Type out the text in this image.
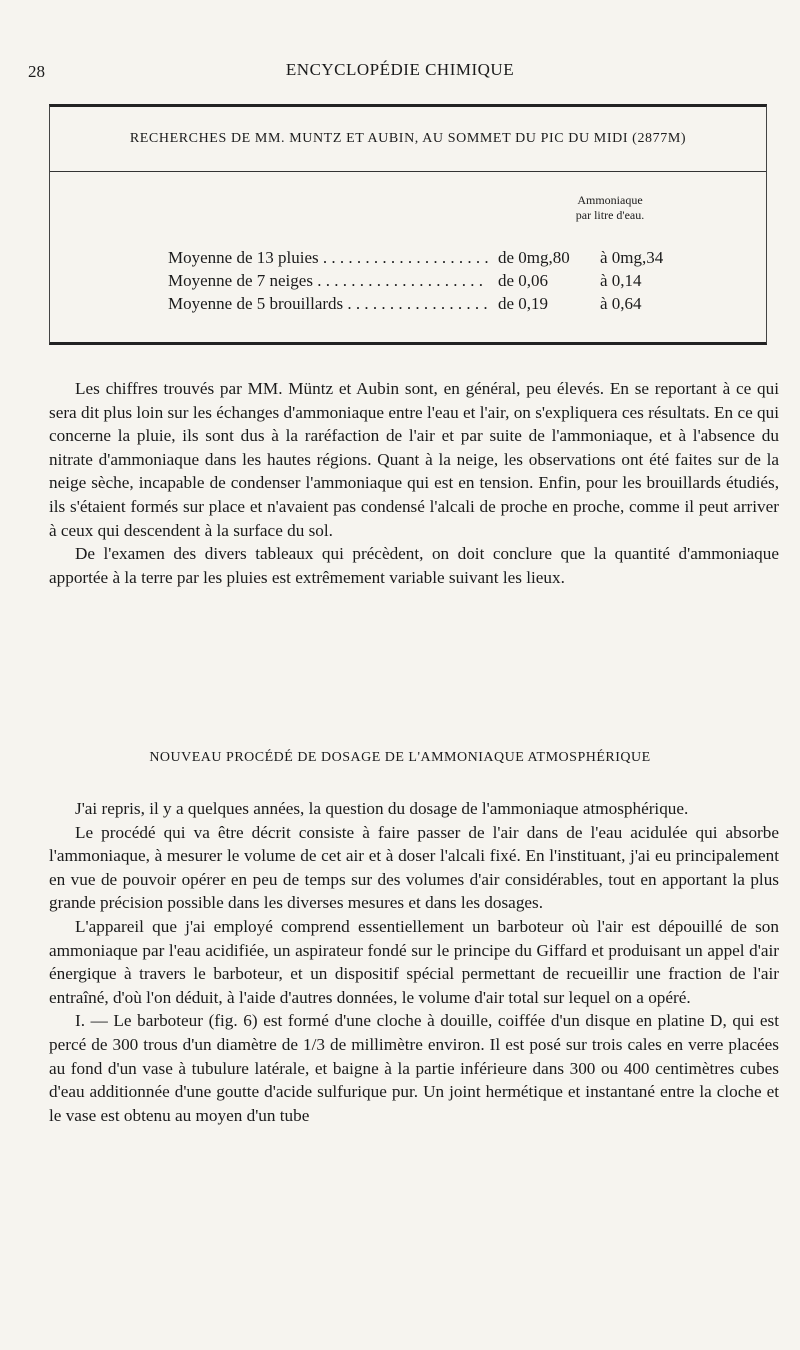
28	ENCYCLOPÉDIE CHIMIQUE
RECHERCHES DE MM. MUNTZ ET AUBIN, AU SOMMET DU PIC DU MIDI (2877M)
Ammoniaque
par litre d'eau.
Moyenne de 13 pluies . . .	de 0mg,80 à 0mg,34
Moyenne de 7 neiges . . .	de 0,06	à 0,14
Moyenne de 5 brouillards . . .	de 0,19	à 0,64

Les chiffres trouvés par MM. Müntz et Aubin sont, en général, peu élevés. En se reportant à ce qui sera dit plus loin sur les échanges d'ammoniaque entre l'eau et l'air, on s'expliquera ces résultats. En ce qui concerne la pluie, ils sont dus à la raréfaction de l'air et par suite de l'ammoniaque, et à l'absence du nitrate d'ammoniaque dans les hautes régions. Quant à la neige, les observations ont été faites sur de la neige sèche, incapable de condenser l'ammoniaque qui est en tension. Enfin, pour les brouillards étudiés, ils s'étaient formés sur place et n'avaient pas condensé l'alcali de proche en proche, comme il peut arriver à ceux qui descendent à la surface du sol.

De l'examen des divers tableaux qui précèdent, on doit conclure que la quantité d'ammoniaque apportée à la terre par les pluies est extrêmement variable suivant les lieux.

NOUVEAU PROCÉDÉ DE DOSAGE DE L'AMMONIAQUE ATMOSPHÉRIQUE

J'ai repris, il y a quelques années, la question du dosage de l'ammoniaque atmosphérique.

Le procédé qui va être décrit consiste à faire passer de l'air dans de l'eau acidulée qui absorbe l'ammoniaque, à mesurer le volume de cet air et à doser l'alcali fixé. En l'instituant, j'ai eu principalement en vue de pouvoir opérer en peu de temps sur des volumes d'air considérables, tout en apportant la plus grande précision possible dans les diverses mesures et dans les dosages.

L'appareil que j'ai employé comprend essentiellement un barboteur où l'air est dépouillé de son ammoniaque par l'eau acidifiée, un aspirateur fondé sur le principe du Giffard et produisant un appel d'air énergique à travers le barboteur, et un dispositif spécial permettant de recueillir une fraction de l'air entraîné, d'où l'on déduit, à l'aide d'autres données, le volume d'air total sur lequel on a opéré.

I. — Le barboteur (fig. 6) est formé d'une cloche à douille, coiffée d'un disque en platine D, qui est percé de 300 trous d'un diamètre de 1/3 de millimètre environ. Il est posé sur trois cales en verre placées au fond d'un vase à tubulure latérale, et baigne à la partie inférieure dans 300 ou 400 centimètres cubes d'eau additionnée d'une goutte d'acide sulfurique pur. Un joint hermétique et instantané entre la cloche et le vase est obtenu au moyen d'un tube
